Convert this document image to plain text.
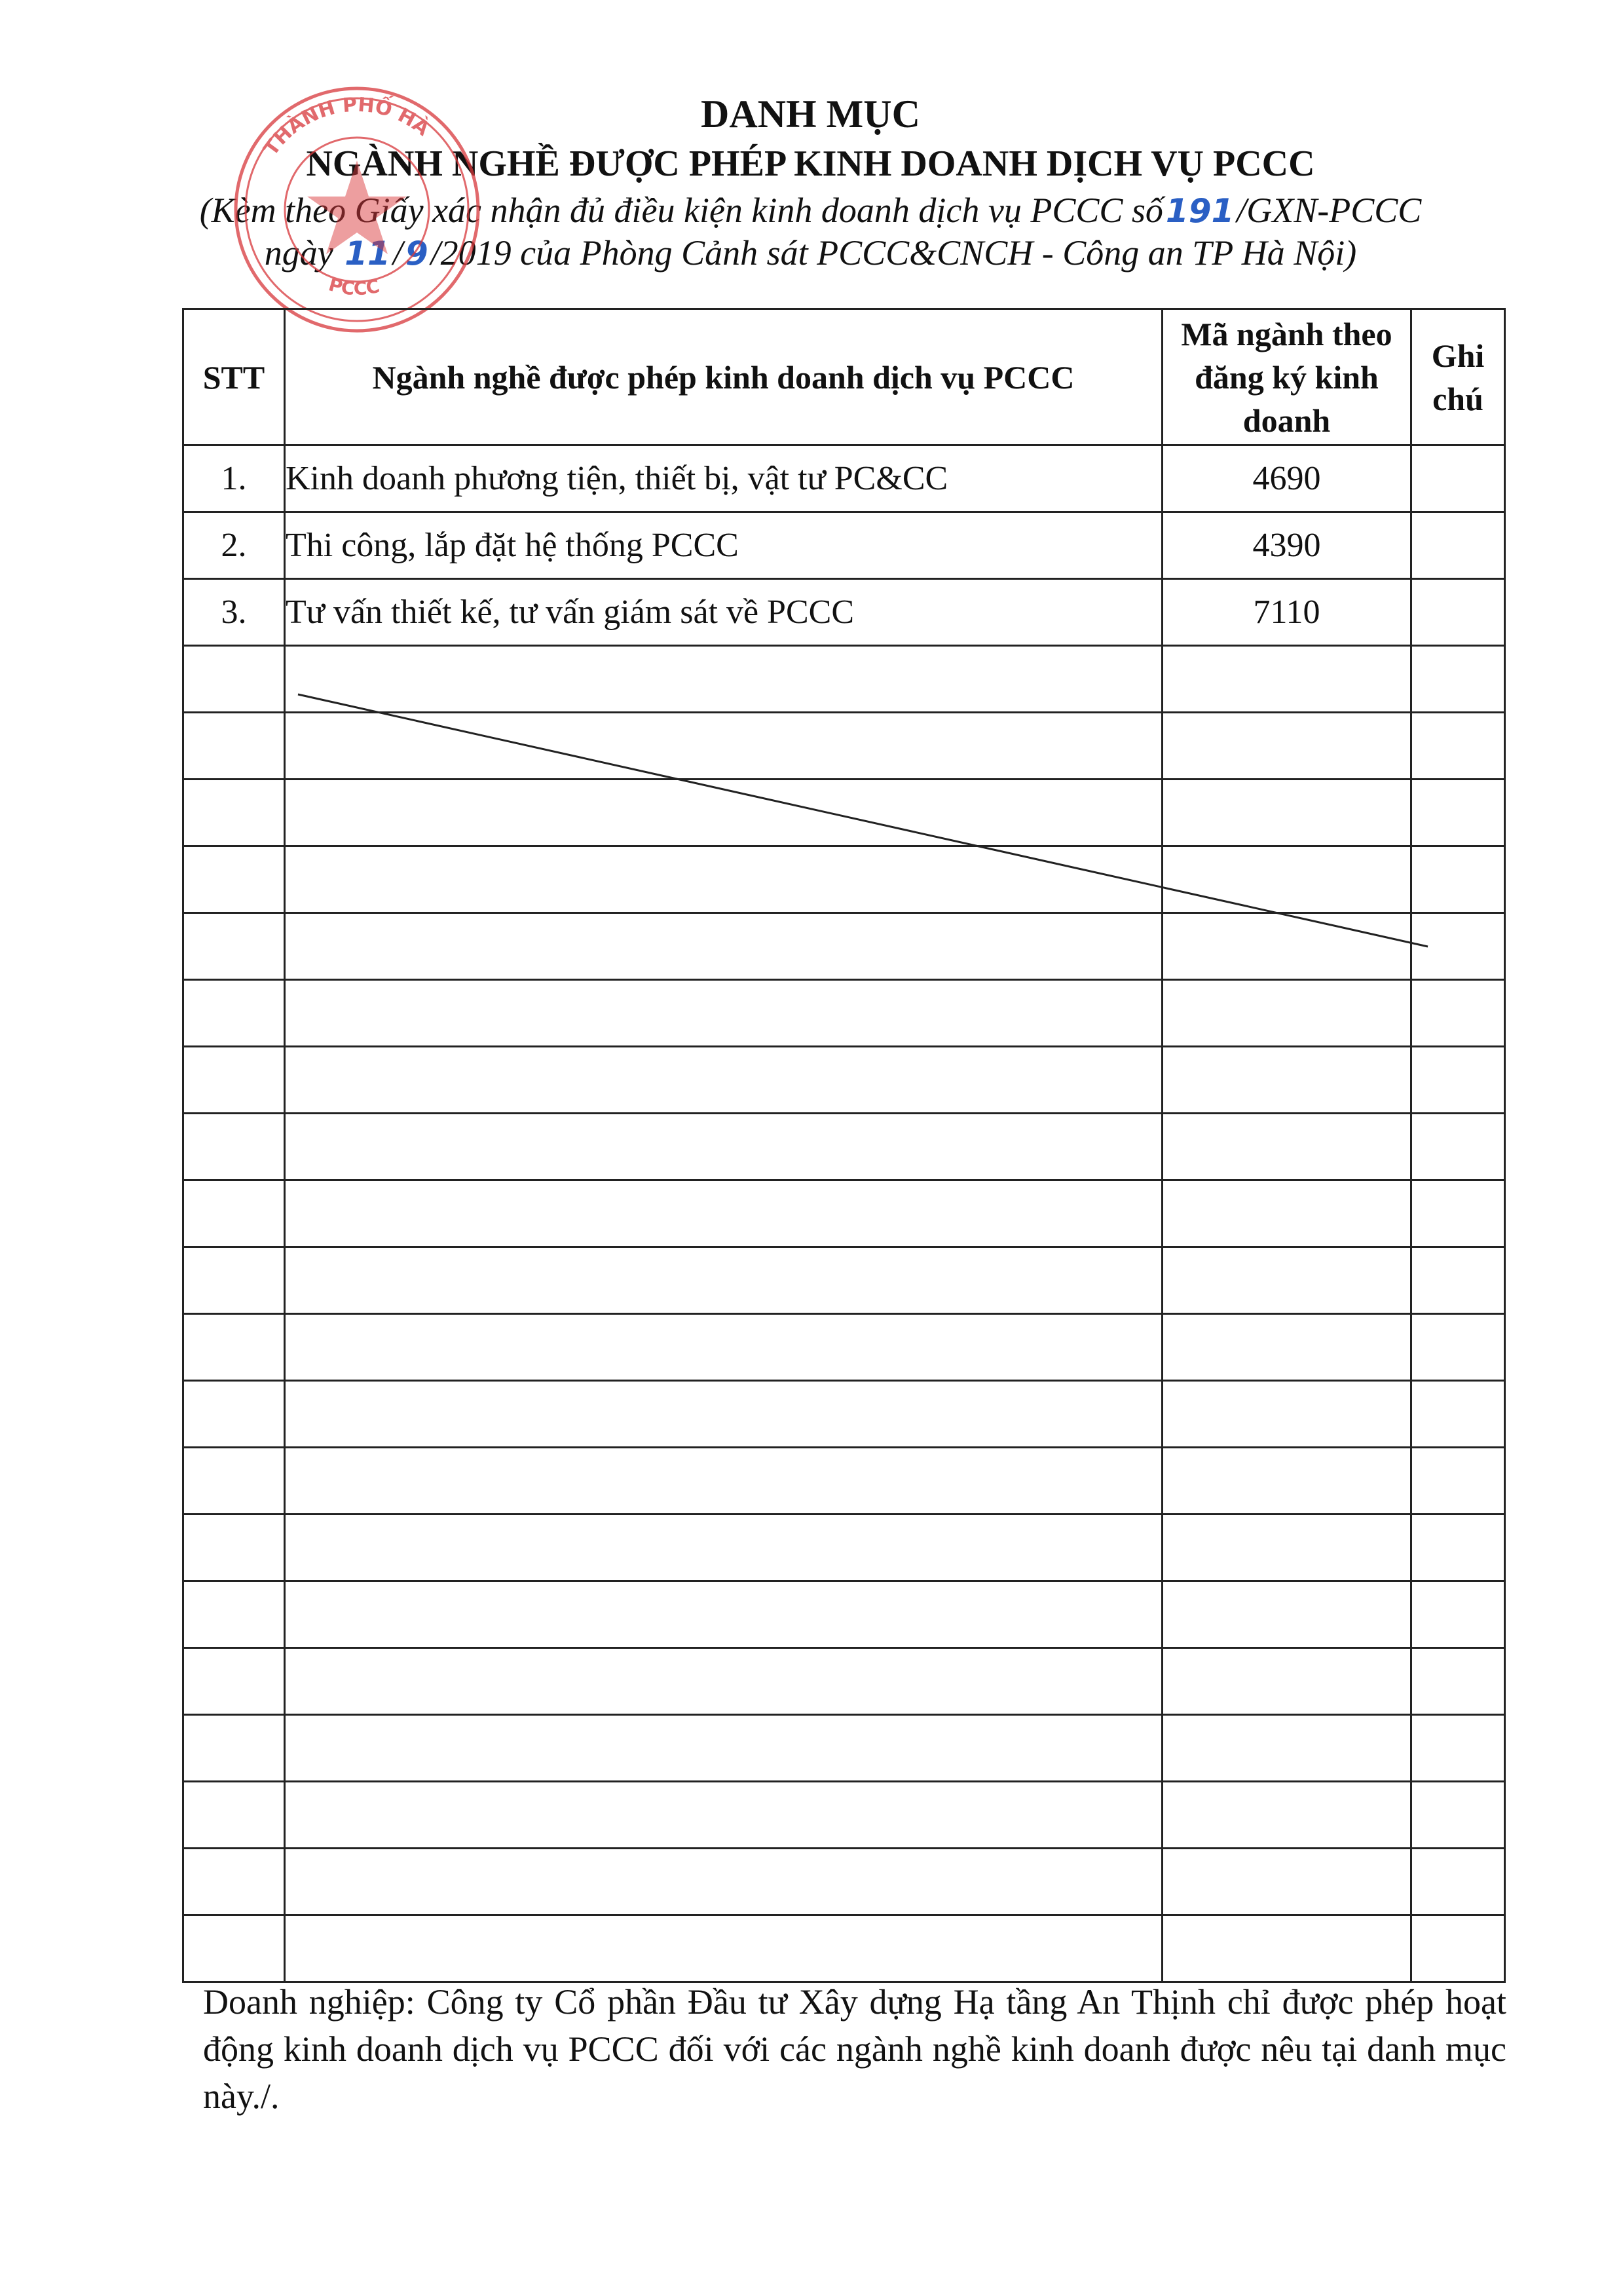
DANH MỤC
NGÀNH NGHỀ ĐƯỢC PHÉP KINH DOANH DỊCH VỤ PCCC
(Kèm theo Giấy xác nhận đủ điều kiện kinh doanh dịch vụ PCCC số191/GXN-PCCC
ngày 11/9/2019 của Phòng Cảnh sát PCCC&CNCH - Công an TP Hà Nội)
THÀNH PHỐ HÀ
PCCC
STT	Ngành nghề được phép kinh doanh dịch vụ PCCC	Mã ngành theo đăng ký kinh doanh	Ghi chú
1.	Kinh doanh phương tiện, thiết bị, vật tư PC&CC	4690	
2.	Thi công, lắp đặt hệ thống PCCC	4390	
3.	Tư vấn thiết kế, tư vấn giám sát về PCCC	7110	

Doanh nghiệp: Công ty Cổ phần Đầu tư Xây dựng Hạ tầng An Thịnh chỉ được phép hoạt động kinh doanh dịch vụ PCCC đối với các ngành nghề kinh doanh được nêu tại danh mục này./.
